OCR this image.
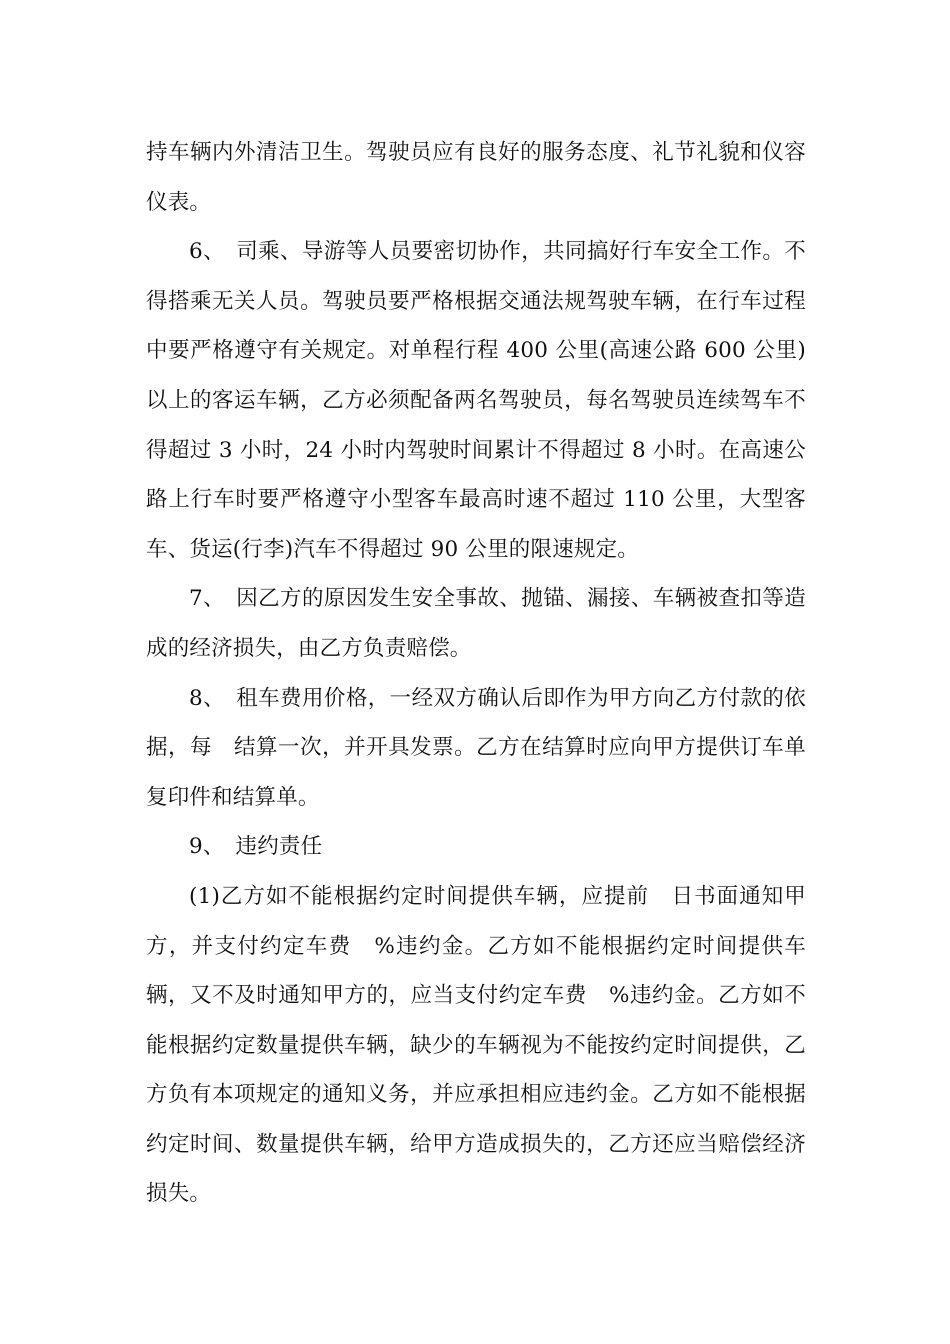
持车辆内外清洁卫生。驾驶员应有良好的服务态度、礼节礼貌和仪容仪表。

6、　司乘、导游等人员要密切协作，共同搞好行车安全工作。不得搭乘无关人员。驾驶员要严格根据交通法规驾驶车辆，在行车过程中要严格遵守有关规定。对单程行程 400 公里(高速公路 600 公里)以上的客运车辆，乙方必须配备两名驾驶员，每名驾驶员连续驾车不得超过 3 小时，24 小时内驾驶时间累计不得超过 8 小时。在高速公路上行车时要严格遵守小型客车最高时速不超过 110 公里，大型客车、货运(行李)汽车不得超过 90 公里的限速规定。

7、　因乙方的原因发生安全事故、抛锚、漏接、车辆被查扣等造成的经济损失，由乙方负责赔偿。

8、　租车费用价格，一经双方确认后即作为甲方向乙方付款的依据，每　结算一次，并开具发票。乙方在结算时应向甲方提供订车单复印件和结算单。

9、　违约责任

(1)乙方如不能根据约定时间提供车辆，应提前　日书面通知甲方，并支付约定车费　%违约金。乙方如不能根据约定时间提供车辆，又不及时通知甲方的，应当支付约定车费　%违约金。乙方如不能根据约定数量提供车辆，缺少的车辆视为不能按约定时间提供，乙方负有本项规定的通知义务，并应承担相应违约金。乙方如不能根据约定时间、数量提供车辆，给甲方造成损失的，乙方还应当赔偿经济损失。
